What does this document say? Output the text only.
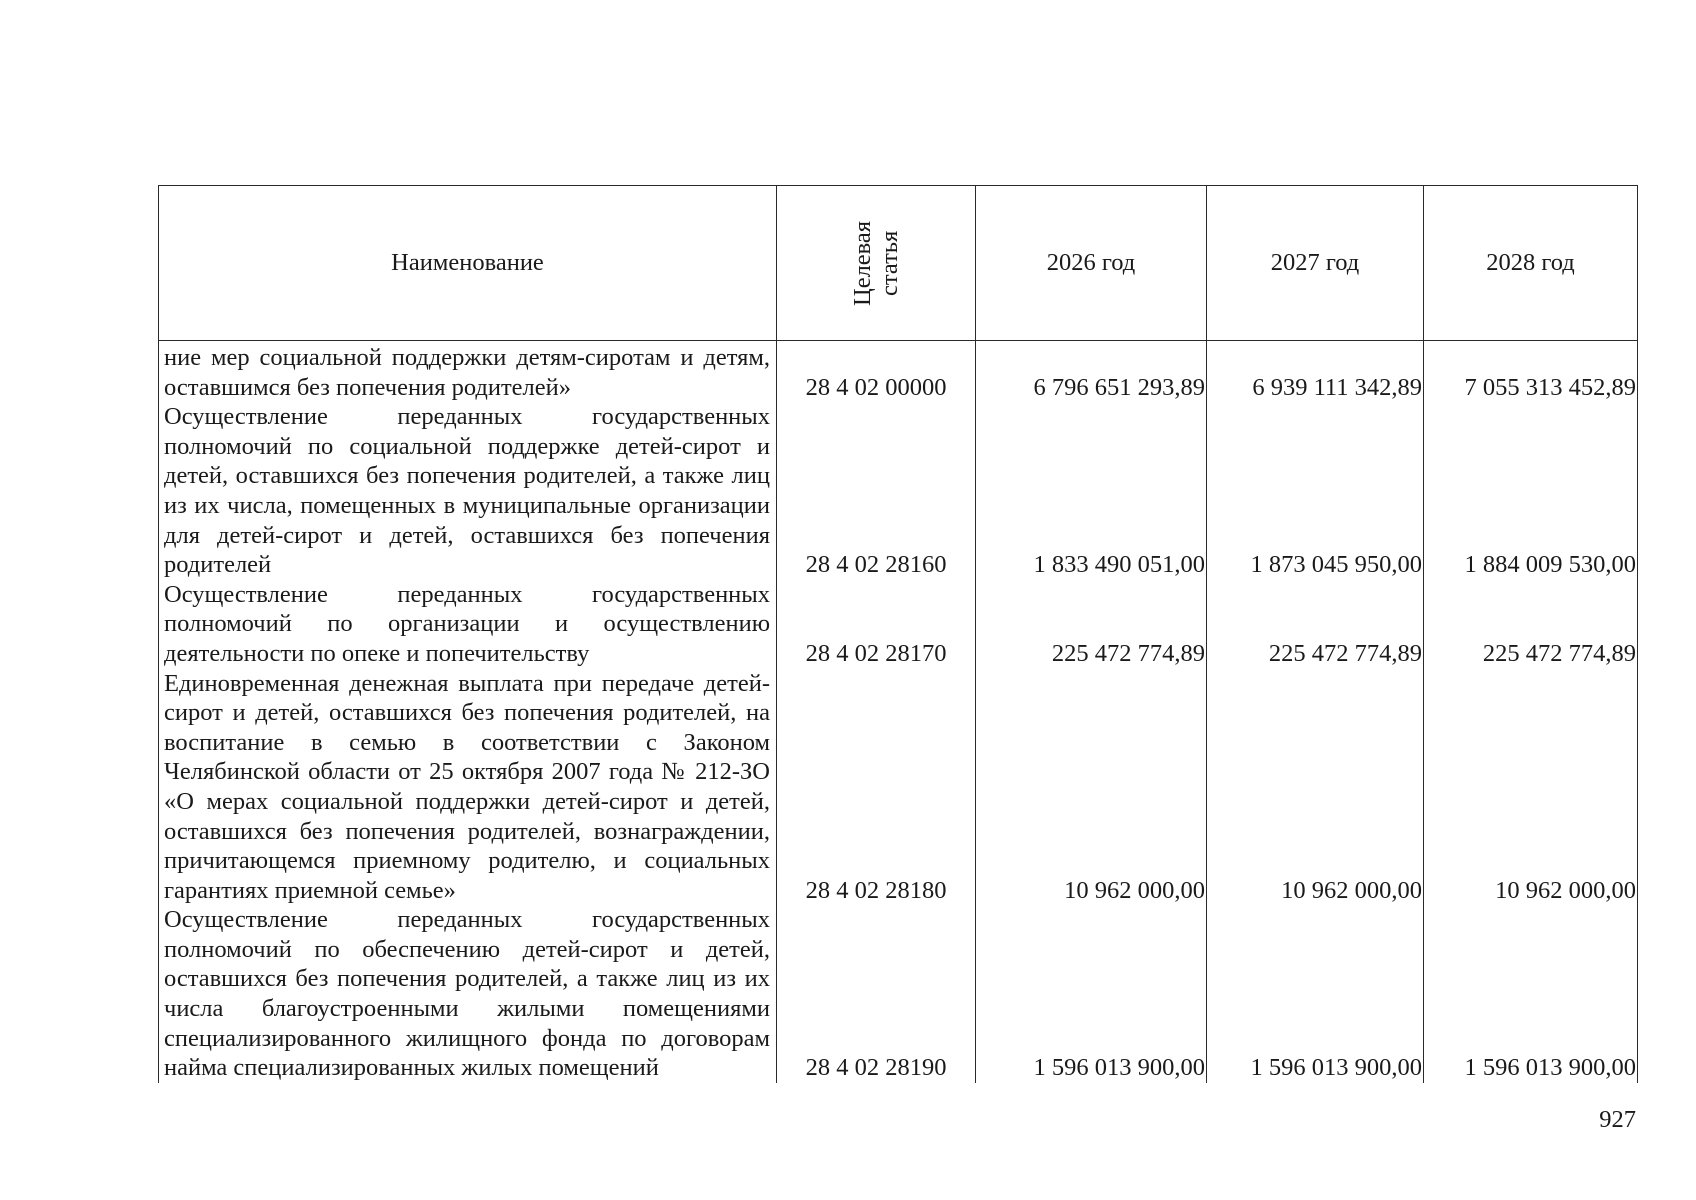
Наименование	Целевая статья	2026 год	2027 год	2028 год
ние мер социальной поддержки детям-сиротам и детям, оставшимся без попечения родителей»	28 4 02 00000	6 796 651 293,89	6 939 111 342,89	7 055 313 452,89
Осуществление переданных государственных полномочий по социальной поддержке детей-сирот и детей, оставшихся без попечения родителей, а также лиц из их числа, помещенных в муниципальные организации для детей-сирот и детей, оставшихся без попечения родителей	28 4 02 28160	1 833 490 051,00	1 873 045 950,00	1 884 009 530,00
Осуществление переданных государственных полномочий по организации и осуществлению деятельности по опеке и попечительству	28 4 02 28170	225 472 774,89	225 472 774,89	225 472 774,89
Единовременная денежная выплата при передаче детей-сирот и детей, оставшихся без попечения родителей, на воспитание в семью в соответствии с Законом Челябинской области от 25 октября 2007 года № 212-ЗО «О мерах социальной поддержки детей-сирот и детей, оставшихся без попечения родителей, вознаграждении, причитающемся приемному родителю, и социальных гарантиях приемной семье»	28 4 02 28180	10 962 000,00	10 962 000,00	10 962 000,00
Осуществление переданных государственных полномочий по обеспечению детей-сирот и детей, оставшихся без попечения родителей, а также лиц из их числа благоустроенными жилыми помещениями специализированного жилищного фонда по договорам найма специализированных жилых помещений	28 4 02 28190	1 596 013 900,00	1 596 013 900,00	1 596 013 900,00
927
